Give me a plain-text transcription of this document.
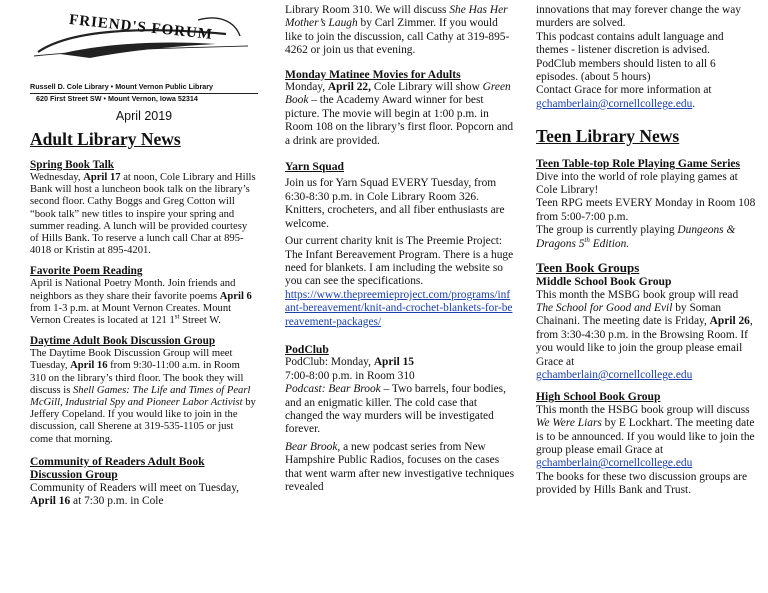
FRIEND'S FORUM
Russell D. Cole Library • Mount Vernon Public Library
620 First Street SW • Mount Vernon, Iowa 52314
April 2019
Adult Library News
Spring Book Talk

Wednesday, April 17 at noon, Cole Library and Hills Bank will host a luncheon book talk on the library’s second floor. Cathy Boggs and Greg Cotton will “book talk” new titles to inspire your spring and summer reading. A lunch will be provided courtesy of Hills Bank. To reserve a lunch call Char at 895-4018 or Kristin at 895-4201.

Favorite Poem Reading

April is National Poetry Month. Join friends and neighbors as they share their favorite poems April 6 from 1-3 p.m. at Mount Vernon Creates. Mount Vernon Creates is located at 121 1st Street W.

Daytime Adult Book Discussion Group

The Daytime Book Discussion Group will meet Tuesday, April 16 from 9:30-11:00 a.m. in Room 310 on the library’s third floor. The book they will discuss is Shell Games: The Life and Times of Pearl McGill, Industrial Spy and Pioneer Labor Activist by Jeffery Copeland. If you would like to join in the discussion, call Sherene at 319-535-1105 or just come that morning.

Community of Readers Adult Book Discussion Group

Community of Readers will meet on Tuesday, April 16 at 7:30 p.m. in Cole

Library Room 310. We will discuss She Has Her Mother’s Laugh by Carl Zimmer. If you would like to join the discussion, call Cathy at 319-895-4262 or join us that evening.

Monday Matinee Movies for Adults

Monday, April 22, Cole Library will show Green Book – the Academy Award winner for best picture. The movie will begin at 1:00 p.m. in Room 108 on the library’s first floor. Popcorn and a drink are provided.

Yarn Squad

Join us for Yarn Squad EVERY Tuesday, from 6:30-8:30 p.m. in Cole Library Room 326. Knitters, crocheters, and all fiber enthusiasts are welcome.

Our current charity knit is The Preemie Project: The Infant Bereavement Program. There is a huge need for blankets. I am including the website so you can see the specifications.

https://www.thepreemieproject.com/programs/infant-bereavement/knit-and-crochet-blankets-for-bereavement-packages/
PodClub

PodClub: Monday, April 15

7:00-8:00 p.m. in Room 310

Podcast: Bear Brook – Two barrels, four bodies, and an enigmatic killer. The cold case that changed the way murders will be investigated forever.

Bear Brook, a new podcast series from New Hampshire Public Radios, focuses on the cases that went warm after new investigative techniques revealed

innovations that may forever change the way murders are solved.

This podcast contains adult language and themes - listener discretion is advised.

PodClub members should listen to all 6 episodes. (about 5 hours)

Contact Grace for more information at

gchamberlain@cornellcollege.edu.

Teen Library News
Teen Table-top Role Playing Game Series

Dive into the world of role playing games at Cole Library!

Teen RPG meets EVERY Monday in Room 108 from 5:00-7:00 p.m.

The group is currently playing Dungeons & Dragons 5th Edition.

Teen Book Groups
Middle School Book Group

This month the MSBG book group will read The School for Good and Evil by Soman Chainani. The meeting date is Friday, April 26, from 3:30-4:30 p.m. in the Browsing Room. If you would like to join the group please email Grace at

gchamberlain@cornellcollege.edu
High School Book Group

This month the HSBG book group will discuss We Were Liars by E Lockhart. The meeting date is to be announced. If you would like to join the group please email Grace at

gchamberlain@cornellcollege.edu

The books for these two discussion groups are provided by Hills Bank and Trust.
